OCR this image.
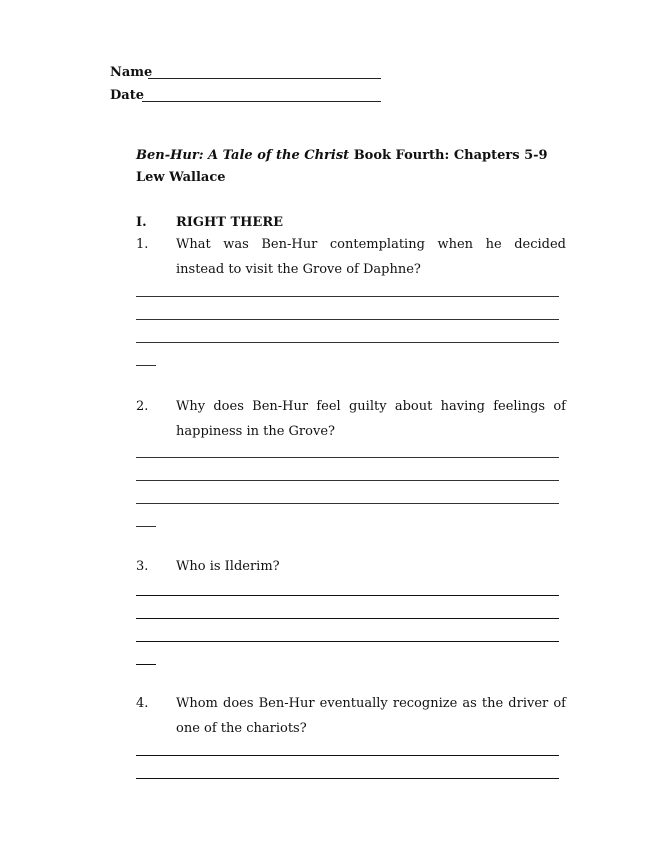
Name
Date
Ben-Hur: A Tale of the Christ Book Fourth: Chapters 5-9
Lew Wallace
I. RIGHT THERE
1. What was Ben-Hur contemplating when he decided instead to visit the Grove of Daphne?
2. Why does Ben-Hur feel guilty about having feelings of happiness in the Grove?
3. Who is Ilderim?
4. Whom does Ben-Hur eventually recognize as the driver of one of the chariots?
